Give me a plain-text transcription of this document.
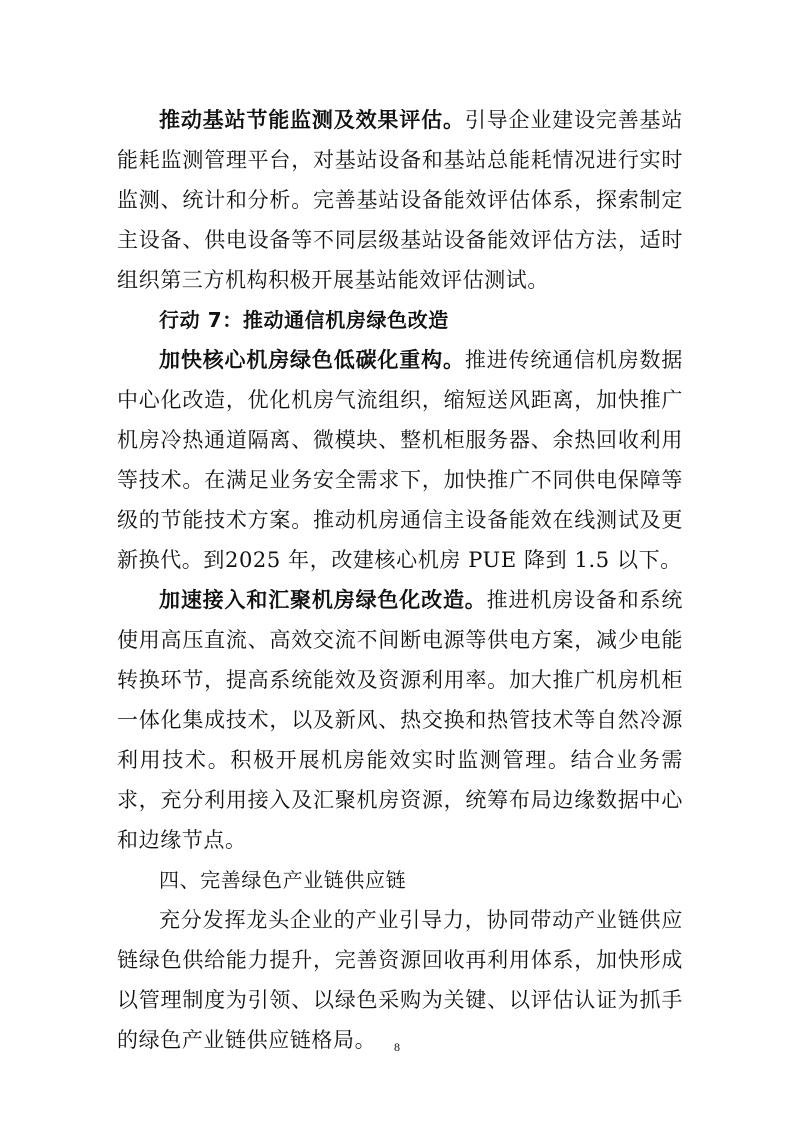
推动基站节能监测及效果评估。引导企业建设完善基站能耗监测管理平台，对基站设备和基站总能耗情况进行实时监测、统计和分析。完善基站设备能效评估体系，探索制定主设备、供电设备等不同层级基站设备能效评估方法，适时组织第三方机构积极开展基站能效评估测试。

行动 7：推动通信机房绿色改造

加快核心机房绿色低碳化重构。推进传统通信机房数据中心化改造，优化机房气流组织，缩短送风距离，加快推广机房冷热通道隔离、微模块、整机柜服务器、余热回收利用等技术。在满足业务安全需求下，加快推广不同供电保障等级的节能技术方案。推动机房通信主设备能效在线测试及更新换代。到2025 年，改建核心机房 PUE 降到 1.5 以下。

加速接入和汇聚机房绿色化改造。推进机房设备和系统使用高压直流、高效交流不间断电源等供电方案，减少电能转换环节，提高系统能效及资源利用率。加大推广机房机柜一体化集成技术，以及新风、热交换和热管技术等自然冷源利用技术。积极开展机房能效实时监测管理。结合业务需求，充分利用接入及汇聚机房资源，统筹布局边缘数据中心和边缘节点。

四、完善绿色产业链供应链

充分发挥龙头企业的产业引导力，协同带动产业链供应链绿色供给能力提升，完善资源回收再利用体系，加快形成以管理制度为引领、以绿色采购为关键、以评估认证为抓手的绿色产业链供应链格局。	8
